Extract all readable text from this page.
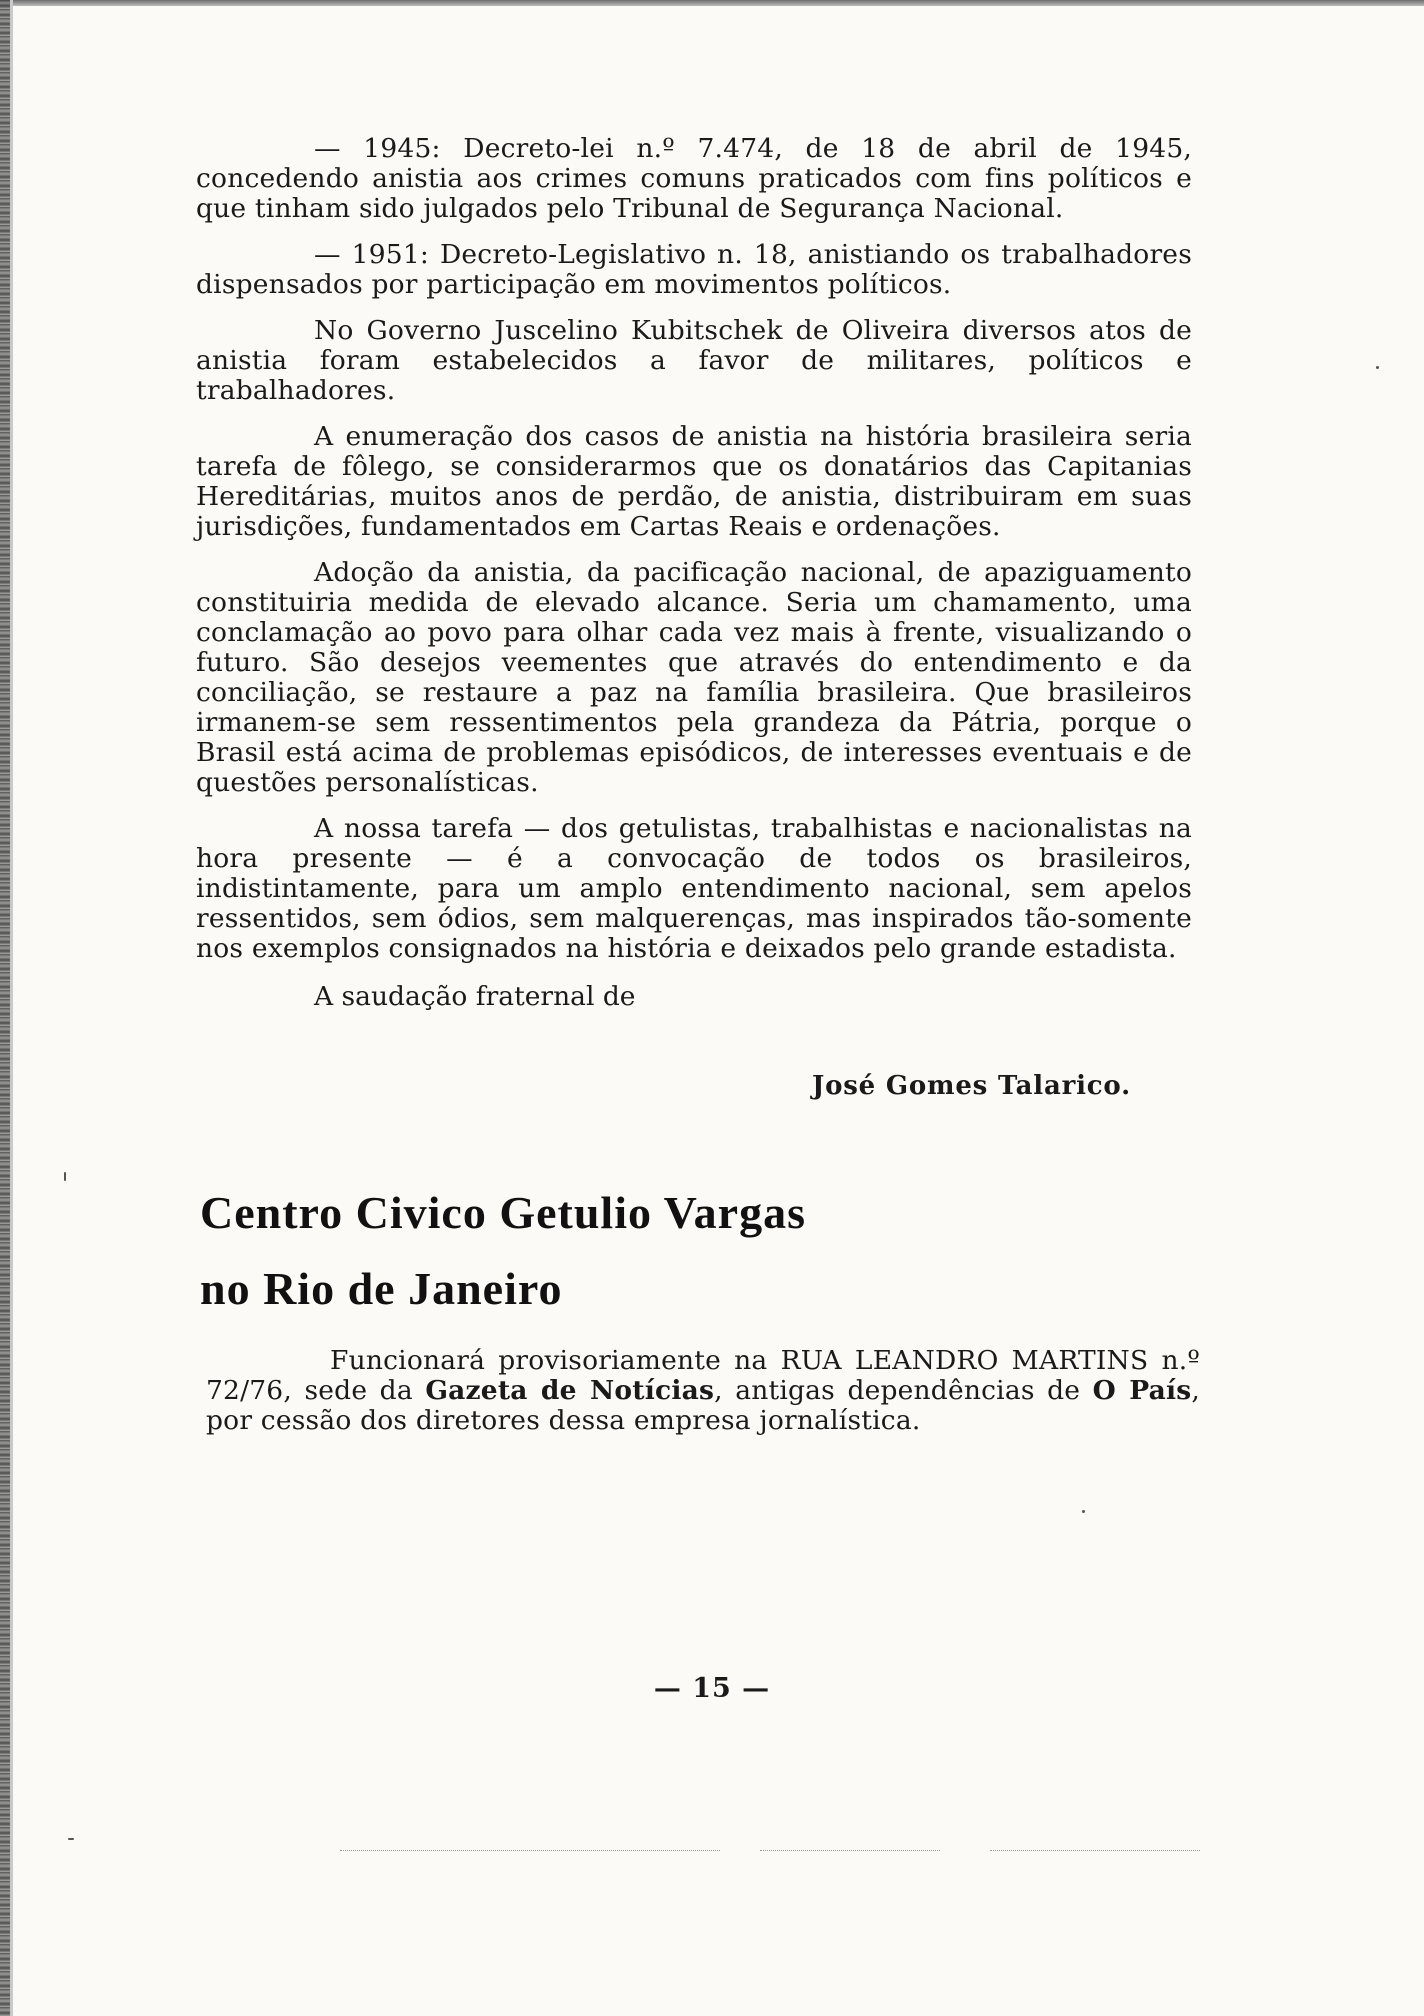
— 1945: Decreto-lei n.º 7.474, de 18 de abril de 1945, concedendo anistia aos crimes comuns praticados com fins políticos e que tinham sido julgados pelo Tribunal de Segurança Nacional.

— 1951: Decreto-Legislativo n. 18, anistiando os trabalhadores dispensados por participação em movimentos políticos.

No Governo Juscelino Kubitschek de Oliveira diversos atos de anistia foram estabelecidos a favor de militares, políticos e trabalhadores.

A enumeração dos casos de anistia na história brasileira seria tarefa de fôlego, se considerarmos que os donatários das Capitanias Hereditárias, muitos anos de perdão, de anistia, distribuiram em suas jurisdições, fundamentados em Cartas Reais e ordenações.

Adoção da anistia, da pacificação nacional, de apaziguamento constituiria medida de elevado alcance. Seria um chamamento, uma conclamação ao povo para olhar cada vez mais à frente, visualizando o futuro. São desejos veementes que através do entendimento e da conciliação, se restaure a paz na família brasileira. Que brasileiros irmanem-se sem ressentimentos pela grandeza da Pátria, porque o Brasil está acima de problemas episódicos, de interesses eventuais e de questões personalísticas.

A nossa tarefa — dos getulistas, trabalhistas e nacionalistas na hora presente — é a convocação de todos os brasileiros, indistintamente, para um amplo entendimento nacional, sem apelos ressentidos, sem ódios, sem malquerenças, mas inspirados tão-somente nos exemplos consignados na história e deixados pelo grande estadista.

A saudação fraternal de

José Gomes Talarico.
Centro Civico Getulio Vargas
no Rio de Janeiro

Funcionará provisoriamente na RUA LEANDRO MARTINS n.º 72/76, sede da Gazeta de Notícias, antigas dependências de O País, por cessão dos diretores dessa empresa jornalística.

— 15 —
